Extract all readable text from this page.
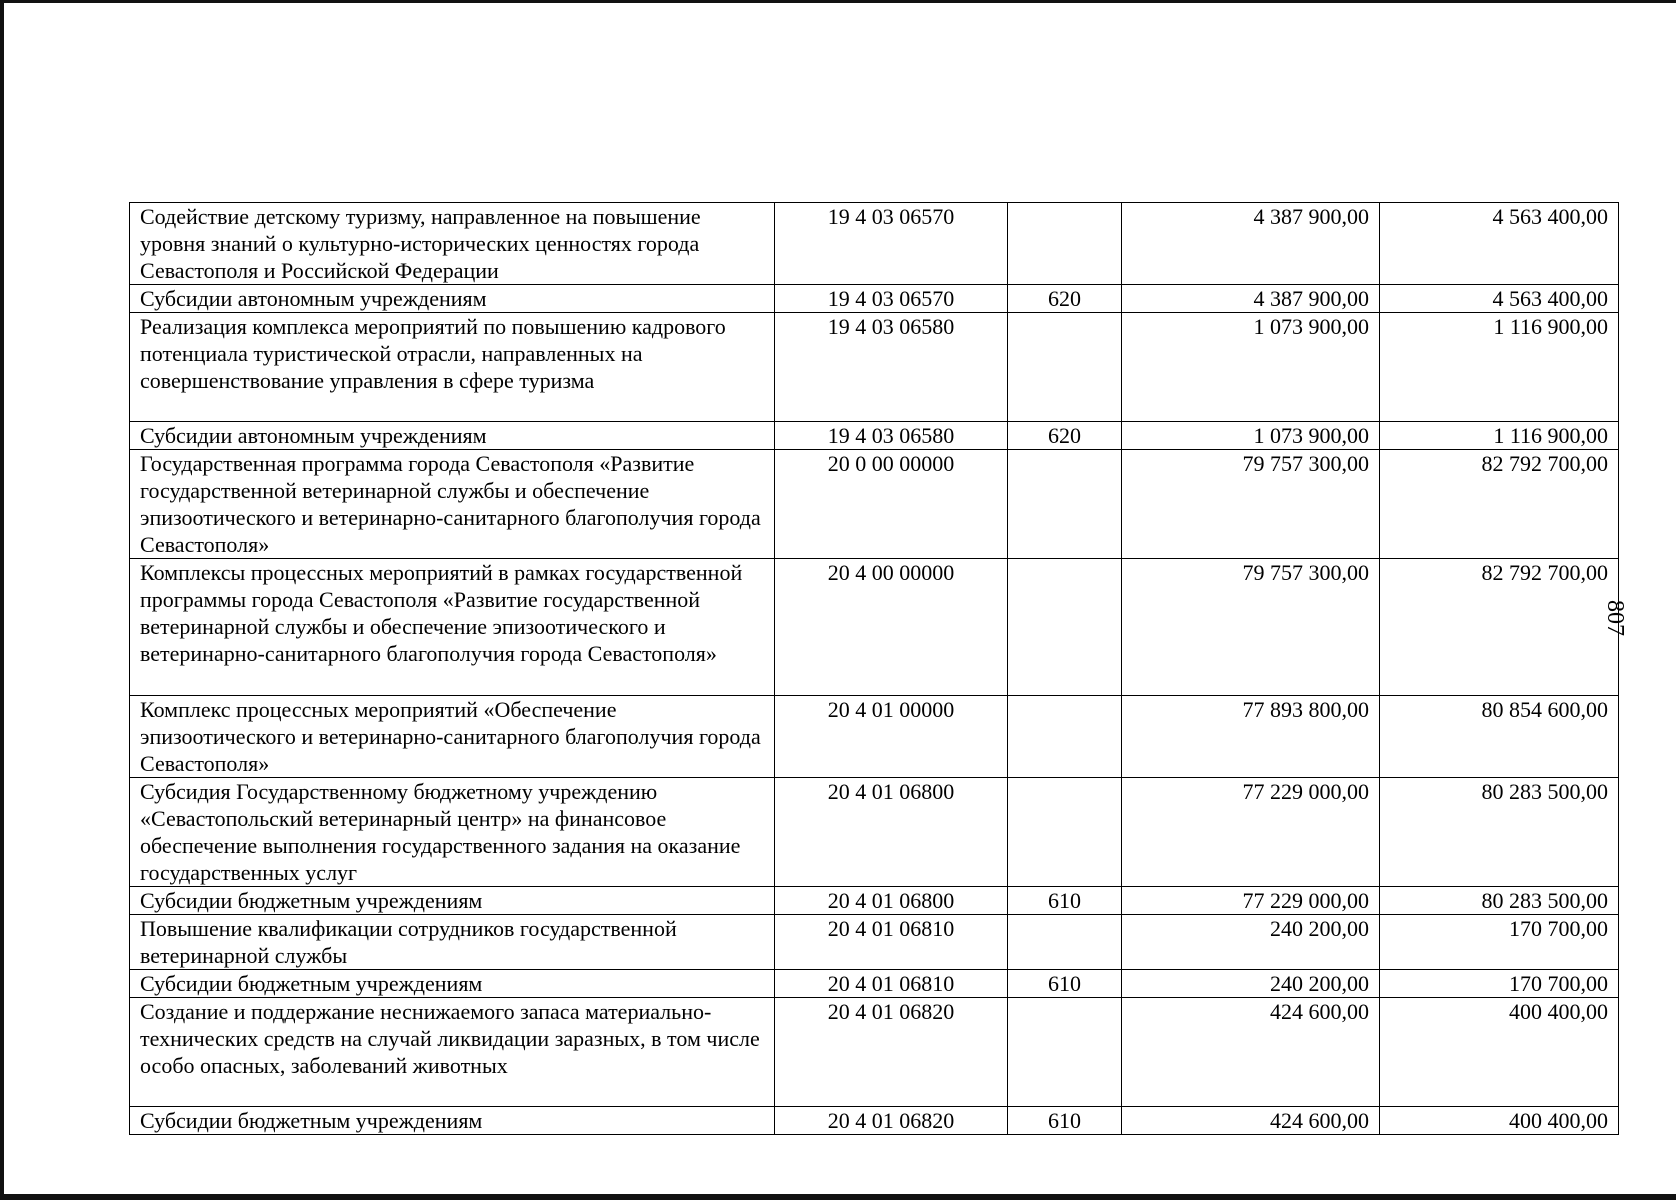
Содействие детскому туризму, направленное на повышение уровня знаний о культурно-исторических ценностях города Севастополя и Российской Федерации	19 4 03 06570		4 387 900,00	4 563 400,00
Субсидии автономным учреждениям	19 4 03 06570	620	4 387 900,00	4 563 400,00
Реализация комплекса мероприятий по повышению кадрового потенциала туристической отрасли, направленных на совершенствование управления в сфере туризма	19 4 03 06580		1 073 900,00	1 116 900,00
Субсидии автономным учреждениям	19 4 03 06580	620	1 073 900,00	1 116 900,00
Государственная программа города Севастополя «Развитие государственной ветеринарной службы и обеспечение эпизоотического и ветеринарно-санитарного благополучия города Севастополя»	20 0 00 00000		79 757 300,00	82 792 700,00
Комплексы процессных мероприятий в рамках государственной программы города Севастополя «Развитие государственной ветеринарной службы и обеспечение эпизоотического и ветеринарно-санитарного благополучия города Севастополя»	20 4 00 00000		79 757 300,00	82 792 700,00
Комплекс процессных мероприятий «Обеспечение эпизоотического и ветеринарно-санитарного благополучия города Севастополя»	20 4 01 00000		77 893 800,00	80 854 600,00
Субсидия Государственному бюджетному учреждению «Севастопольский ветеринарный центр» на финансовое обеспечение выполнения государственного задания на оказание государственных услуг	20 4 01 06800		77 229 000,00	80 283 500,00
Субсидии бюджетным учреждениям	20 4 01 06800	610	77 229 000,00	80 283 500,00
Повышение квалификации сотрудников государственной ветеринарной службы	20 4 01 06810		240 200,00	170 700,00
Субсидии бюджетным учреждениям	20 4 01 06810	610	240 200,00	170 700,00
Создание и поддержание неснижаемого запаса материально-технических средств на случай ликвидации заразных, в том числе особо опасных, заболеваний животных	20 4 01 06820		424 600,00	400 400,00
Субсидии бюджетным учреждениям	20 4 01 06820	610	424 600,00	400 400,00
807
